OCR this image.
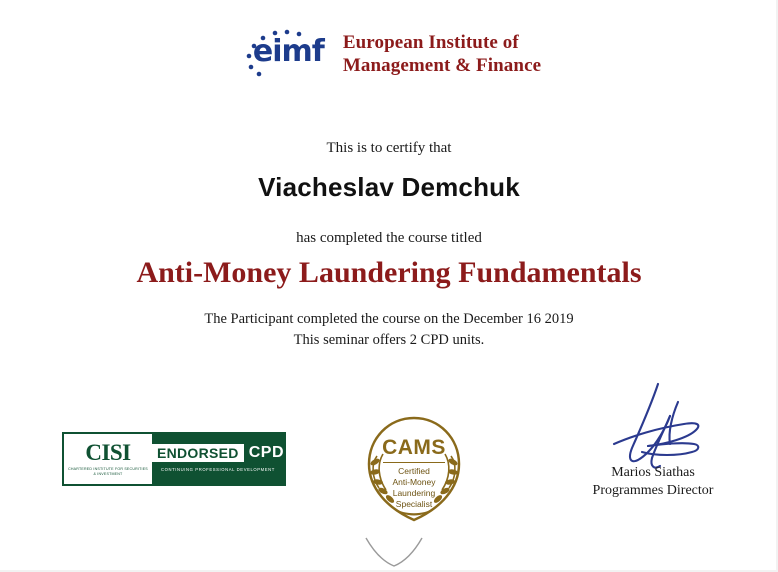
eimf European Institute of
Management & Finance
This is to certify that
Viacheslav Demchuk
has completed the course titled
Anti-Money Laundering Fundamentals
The Participant completed the course on the December 16 2019
This seminar offers 2 CPD units.
CISI
CHARTERED INSTITUTE FOR SECURITIES & INVESTMENT
ENDORSED CPD
CONTINUING PROFESSIONAL DEVELOPMENT
CAMS
Certified
Anti-Money
Laundering
Specialist
Marios Siathas
Programmes Director
